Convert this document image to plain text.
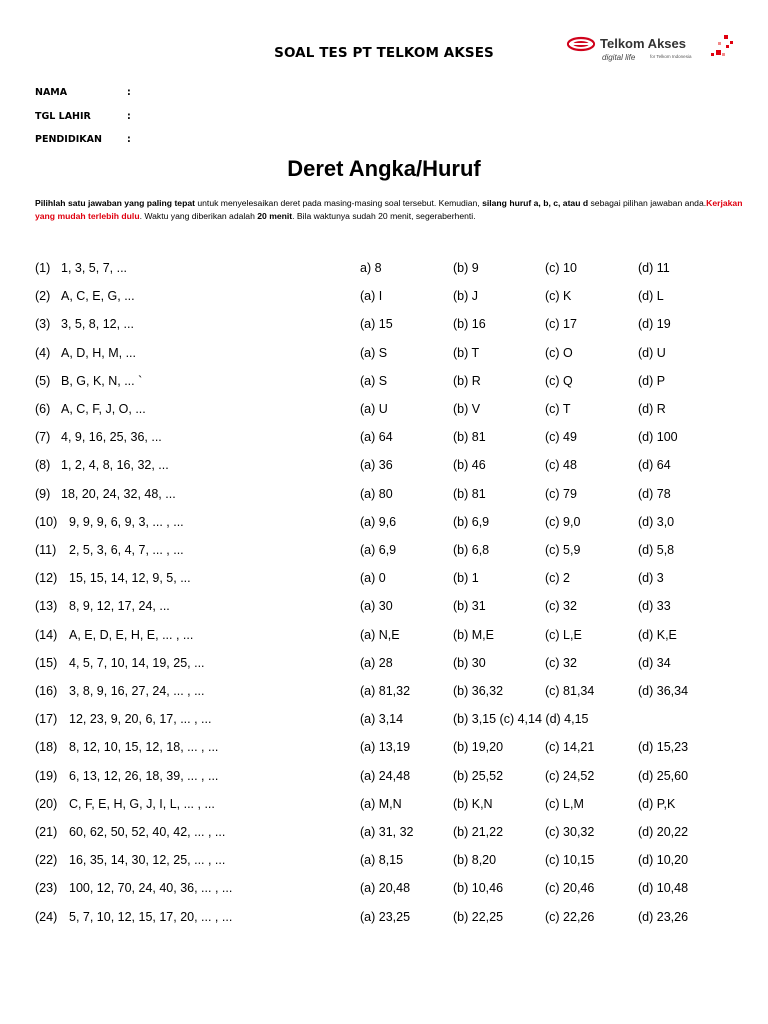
SOAL TES PT TELKOM AKSES
Telkom Akses
digital life	for Telkom Indonesia
NAMA	:
TGL LAHIR	:
PENDIDIKAN	:
Deret Angka/Huruf
Pilihlah satu jawaban yang paling tepat untuk menyelesaikan deret pada masing-masing soal tersebut. Kemudian, silang huruf a, b, c, atau d sebagai pilihan jawaban anda.Kerjakan yang mudah terlebih dulu. Waktu yang diberikan adalah 20 menit. Bila waktunya sudah 20 menit, segeraberhenti.
(1) 1, 3, 5, 7, ...	a) 8	(b) 9	(c) 10	(d) 11
(2) A, C, E, G, ...	(a) I	(b) J	(c) K	(d) L
(3) 3, 5, 8, 12, ...	(a) 15	(b) 16	(c) 17	(d) 19
(4) A, D, H, M, ...	(a) S	(b) T	(c) O	(d) U
(5) B, G, K, N, ... `	(a) S	(b) R	(c) Q	(d) P
(6) A, C, F, J, O, ...	(a) U	(b) V	(c) T	(d) R
(7) 4, 9, 16, 25, 36, ...	(a) 64	(b) 81	(c) 49	(d) 100
(8) 1, 2, 4, 8, 16, 32, ...	(a) 36	(b) 46	(c) 48	(d) 64
(9) 18, 20, 24, 32, 48, ...	(a) 80	(b) 81	(c) 79	(d) 78
(10) 9, 9, 9, 6, 9, 3, ... , ...	(a) 9,6	(b) 6,9	(c) 9,0	(d) 3,0
(11) 2, 5, 3, 6, 4, 7, ... , ...	(a) 6,9	(b) 6,8	(c) 5,9	(d) 5,8
(12) 15, 15, 14, 12, 9, 5, ...	(a) 0	(b) 1	(c) 2	(d) 3
(13) 8, 9, 12, 17, 24, ...	(a) 30	(b) 31	(c) 32	(d) 33
(14) A, E, D, E, H, E, ... , ...	(a) N,E	(b) M,E	(c) L,E	(d) K,E
(15) 4, 5, 7, 10, 14, 19, 25, ...	(a) 28	(b) 30	(c) 32	(d) 34
(16) 3, 8, 9, 16, 27, 24, ... , ...	(a) 81,32	(b) 36,32	(c) 81,34	(d) 36,34
(17) 12, 23, 9, 20, 6, 17, ... , ...	(a) 3,14	(b) 3,15 (c) 4,14 (d) 4,15
(18) 8, 12, 10, 15, 12, 18, ... , ...	(a) 13,19	(b) 19,20	(c) 14,21	(d) 15,23
(19) 6, 13, 12, 26, 18, 39, ... , ...	(a) 24,48	(b) 25,52	(c) 24,52	(d) 25,60
(20) C, F, E, H, G, J, I, L, ... , ...	(a) M,N	(b) K,N	(c) L,M	(d) P,K
(21) 60, 62, 50, 52, 40, 42, ... , ...	(a) 31, 32	(b) 21,22	(c) 30,32	(d) 20,22
(22) 16, 35, 14, 30, 12, 25, ... , ...	(a) 8,15	(b) 8,20	(c) 10,15	(d) 10,20
(23) 100, 12, 70, 24, 40, 36, ... , ...	(a) 20,48	(b) 10,46	(c) 20,46	(d) 10,48
(24) 5, 7, 10, 12, 15, 17, 20, ... , ...	(a) 23,25	(b) 22,25	(c) 22,26	(d) 23,26
